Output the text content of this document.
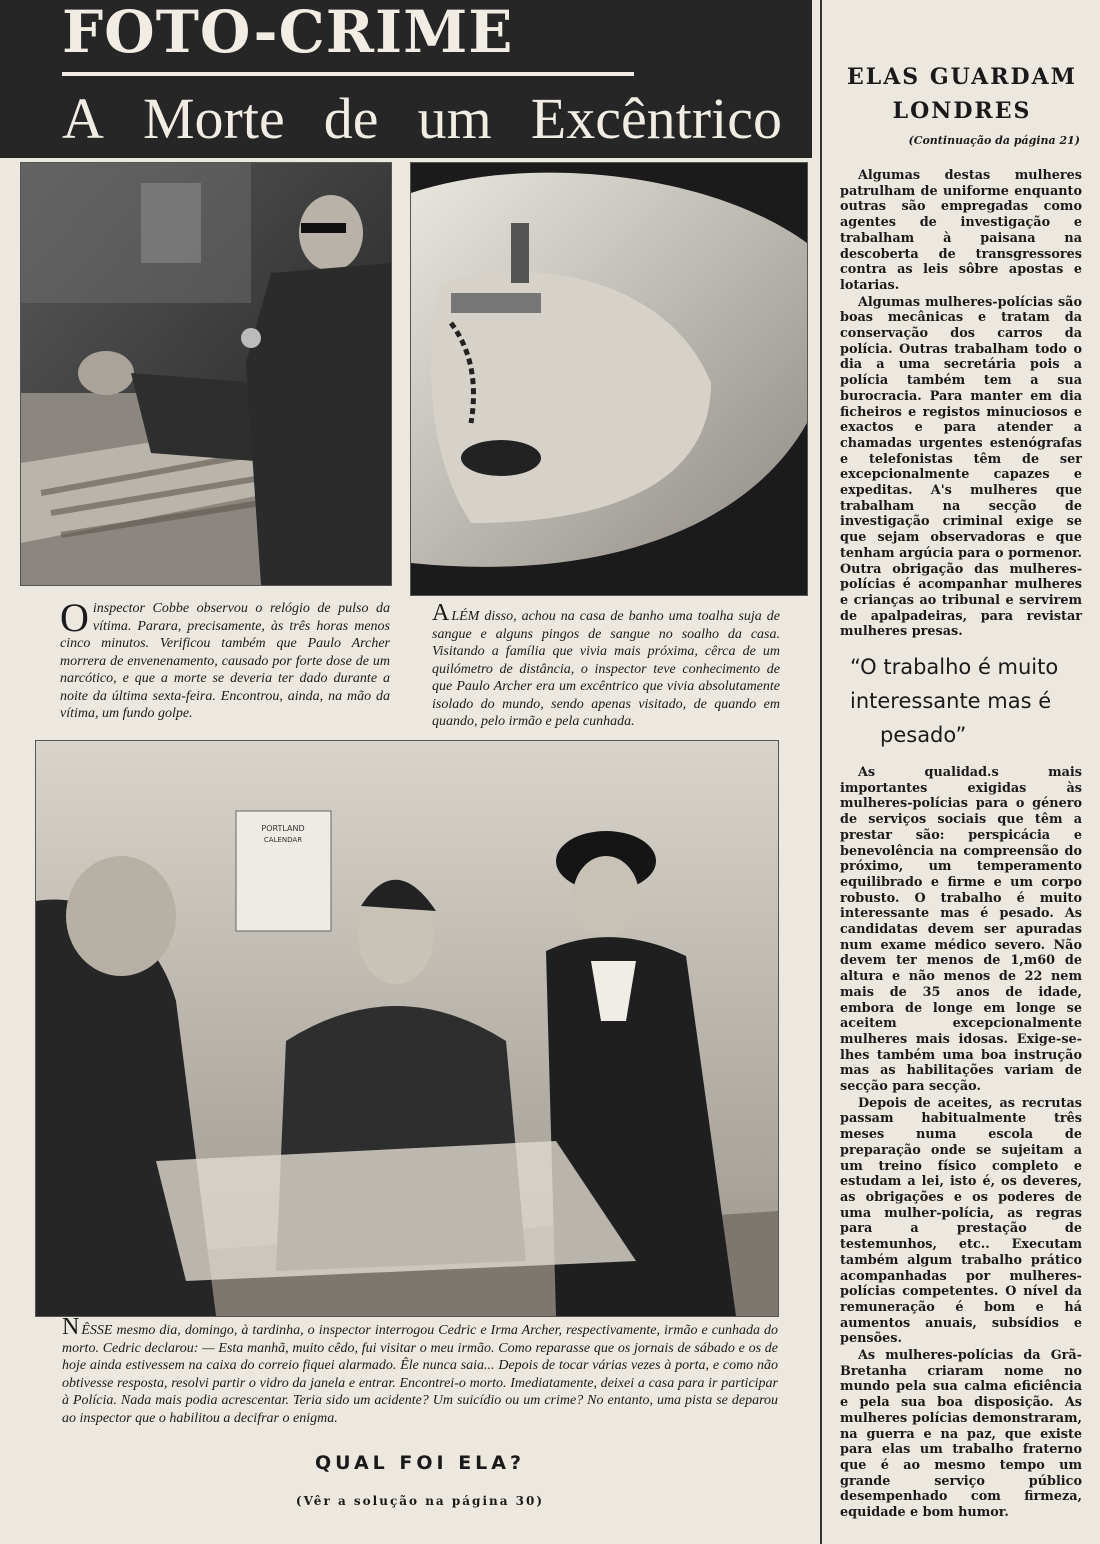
FOTO-CRIME
A Morte de um Excêntrico
O inspector Cobbe observou o relógio de pulso da vítima. Parara, precisamente, às três horas menos cinco minutos. Verificou também que Paulo Archer morrera de envenenamento, causado por forte dose de um narcótico, e que a morte se deveria ter dado durante a noite da última sexta-feira. Encontrou, ainda, na mão da vítima, um fundo golpe.
ALÉM disso, achou na casa de banho uma toalha suja de sangue e alguns pingos de sangue no soalho da casa. Visitando a família que vivia mais próxima, cêrca de um quilómetro de distância, o inspector teve conhecimento de que Paulo Archer era um excêntrico que vivia absolutamente isolado do mundo, sendo apenas visitado, de quando em quando, pelo irmão e pela cunhada.
PORTLAND
CALENDAR
NÊSSE mesmo dia, domingo, à tardinha, o inspector interrogou Cedric e Irma Archer, respectivamente, irmão e cunhada do morto. Cedric declarou: — Esta manhã, muito cêdo, fui visitar o meu irmão. Como reparasse que os jornais de sábado e os de hoje ainda estivessem na caixa do correio fiquei alarmado. Êle nunca saia... Depois de tocar várias vezes à porta, e como não obtivesse resposta, resolvi partir o vidro da janela e entrar. Encontrei-o morto. Imediatamente, deixei a casa para ir participar à Polícia. Nada mais podia acrescentar. Teria sido um acidente? Um suicídio ou um crime? No entanto, uma pista se deparou ao inspector que o habilitou a decifrar o enigma.
QUAL FOI ELA?
(Vêr a solução na página 30)
ELAS GUARDAM
LONDRES
(Continuação da página 21)

Algumas destas mulheres patrulham de uniforme enquanto outras são empregadas como agentes de investigação e trabalham à paisana na descoberta de transgressores contra as leis sôbre apostas e lotarias.

Algumas mulheres-polícias são boas mecânicas e tratam da conservação dos carros da polícia. Outras trabalham todo o dia a uma secretária pois a polícia também tem a sua burocracia. Para manter em dia ficheiros e registos minuciosos e exactos e para atender a chamadas urgentes estenógrafas e telefonistas têm de ser excepcionalmente capazes e expeditas. A's mulheres que trabalham na secção de investigação criminal exige se que sejam observadoras e que tenham argúcia para o pormenor. Outra obrigação das mulheres-polícias é acompanhar mulheres e crianças ao tribunal e servirem de apalpadeiras, para revistar mulheres presas.

“O trabalho é muito
interessante mas é
pesado”

As qualidad.s mais importantes exigidas às mulheres-polícias para o género de serviços sociais que têm a prestar são: perspicácia e benevolência na compreensão do próximo, um temperamento equilibrado e firme e um corpo robusto. O trabalho é muito interessante mas é pesado. As candidatas devem ser apuradas num exame médico severo. Não devem ter menos de 1,m60 de altura e não menos de 22 nem mais de 35 anos de idade, embora de longe em longe se aceitem excepcionalmente mulheres mais idosas. Exige-se-lhes também uma boa instrução mas as habilitações variam de secção para secção.

Depois de aceites, as recrutas passam habitualmente três meses numa escola de preparação onde se sujeitam a um treino físico completo e estudam a lei, isto é, os deveres, as obrigações e os poderes de uma mulher-polícia, as regras para a prestação de testemunhos, etc.. Executam também algum trabalho prático acompanhadas por mulheres-polícias competentes. O nível da remuneração é bom e há aumentos anuais, subsídios e pensões.

As mulheres-polícias da Grã-Bretanha criaram nome no mundo pela sua calma eficiência e pela sua boa disposição. As mulheres polícias demonstraram, na guerra e na paz, que existe para elas um trabalho fraterno que é ao mesmo tempo um grande serviço público desempenhado com firmeza, equidade e bom humor.
